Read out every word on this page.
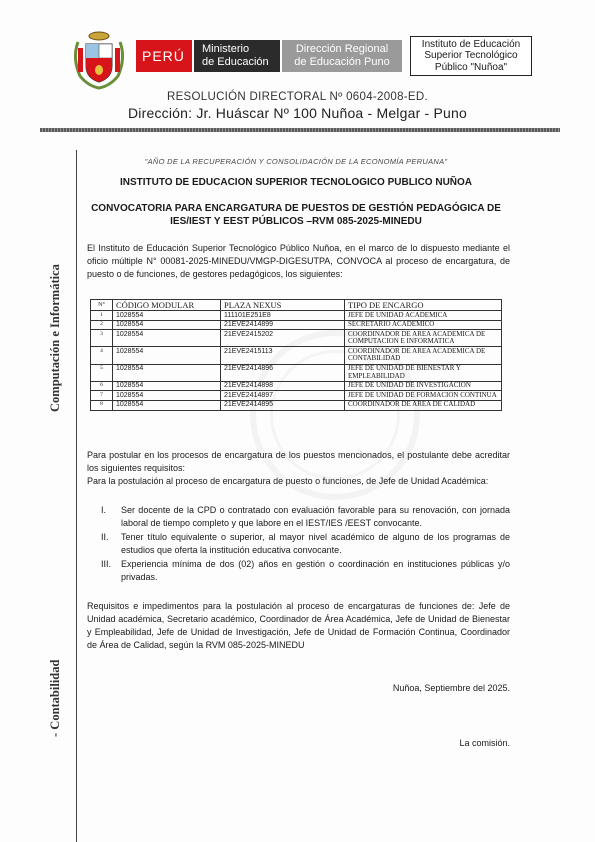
PERÚ Ministerio
de Educación
Dirección Regional
de Educación Puno
Instituto de Educación
Superior Tecnológico
Público "Nuñoa"
RESOLUCIÓN DIRECTORAL Nº 0604-2008-ED.
Dirección: Jr. Huáscar Nº 100 Nuñoa - Melgar - Puno
Computación e Informática
- Contabilidad
"AÑO DE LA RECUPERACIÓN Y CONSOLIDACIÓN DE LA ECONOMÍA PERUANA"
INSTITUTO DE EDUCACION SUPERIOR TECNOLOGICO PUBLICO NUÑOA
CONVOCATORIA PARA ENCARGATURA DE PUESTOS DE GESTIÓN PEDAGÓGICA DE
IES/IEST Y EEST PÚBLICOS –RVM 085-2025-MINEDU

El Instituto de Educación Superior Tecnológico Público Nuñoa, en el marco de lo dispuesto mediante el oficio múltiple N° 00081-2025-MINEDU/VMGP-DIGESUTPA, CONVOCA al proceso de encargatura, de puesto o de funciones, de gestores pedagógicos, los siguientes:

N°	CÓDIGO MODULAR	PLAZA NEXUS	TIPO DE ENCARGO
1	1028554	111101E251E8	JEFE DE UNIDAD ACADEMICA
2	1028554	21EVE2414899	SECRETARIO ACADEMICO
3	1028554	21EVE2415202	COORDINADOR DE AREA ACADEMICA DE COMPUTACION E INFORMATICA
4	1028554	21EVE2415113	COORDINADOR DE AREA ACADEMICA DE CONTABILIDAD
5	1028554	21EVE2414896	JEFE DE UNIDAD DE BIENESTAR Y EMPLEABILIDAD
6	1028554	21EVE2414898	JEFE DE UNIDAD DE INVESTIGACION
7	1028554	21EVE2414897	JEFE DE UNIDAD DE FORMACION CONTINUA
8	1028554	21EVE2414895	COORDINADOR DE AREA DE CALIDAD

Para postular en los procesos de encargatura de los puestos mencionados, el postulante debe acreditar los siguientes requisitos:

Para la postulación al proceso de encargatura de puesto o funciones, de Jefe de Unidad Académica:

I. Ser docente de la CPD o contratado con evaluación favorable para su renovación, con jornada laboral de tiempo completo y que labore en el IEST/IES /EEST convocante.
II. Tener título equivalente o superior, al mayor nivel académico de alguno de los programas de estudios que oferta la institución educativa convocante.
III. Experiencia mínima de dos (02) años en gestión o coordinación en instituciones públicas y/o privadas.

Requisitos e impedimentos para la postulación al proceso de encargaturas de funciones de: Jefe de Unidad académica, Secretario académico, Coordinador de Área Académica, Jefe de Unidad de Bienestar y Empleabilidad, Jefe de Unidad de Investigación, Jefe de Unidad de Formación Continua, Coordinador de Área de Calidad, según la RVM 085-2025-MINEDU

Nuñoa, Septiembre del 2025.
La comisión.
